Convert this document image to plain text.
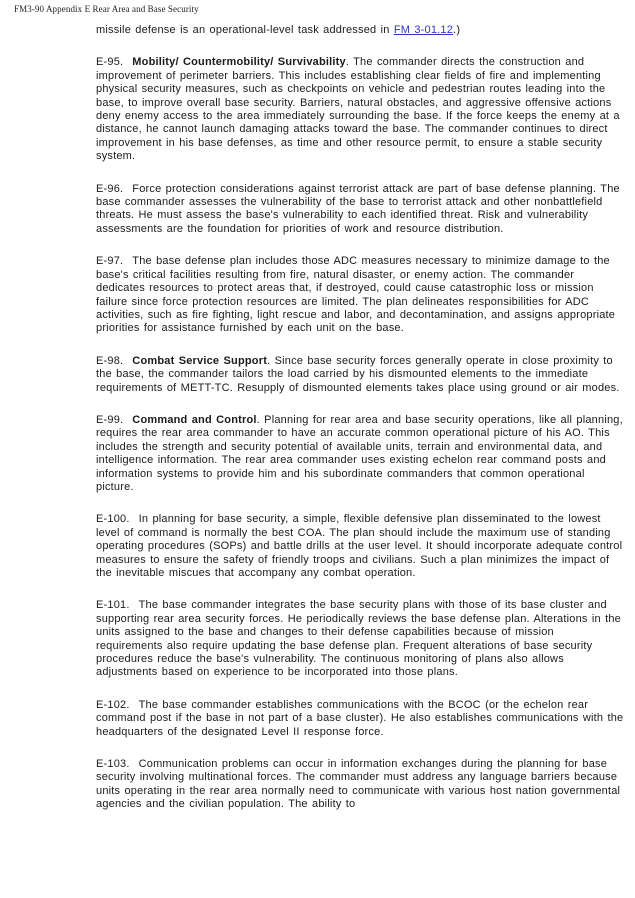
FM3-90 Appendix E Rear Area and Base Security

missile defense is an operational-level task addressed in FM 3-01.12.)

E-95. Mobility/ Countermobility/ Survivability. The commander directs the construction and improvement of perimeter barriers. This includes establishing clear fields of fire and implementing physical security measures, such as checkpoints on vehicle and pedestrian routes leading into the base, to improve overall base security. Barriers, natural obstacles, and aggressive offensive actions deny enemy access to the area immediately surrounding the base. If the force keeps the enemy at a distance, he cannot launch damaging attacks toward the base. The commander continues to direct improvement in his base defenses, as time and other resource permit, to ensure a stable security system.

E-96. Force protection considerations against terrorist attack are part of base defense planning. The base commander assesses the vulnerability of the base to terrorist attack and other nonbattlefield threats. He must assess the base's vulnerability to each identified threat. Risk and vulnerability assessments are the foundation for priorities of work and resource distribution.

E-97. The base defense plan includes those ADC measures necessary to minimize damage to the base's critical facilities resulting from fire, natural disaster, or enemy action. The commander dedicates resources to protect areas that, if destroyed, could cause catastrophic loss or mission failure since force protection resources are limited. The plan delineates responsibilities for ADC activities, such as fire fighting, light rescue and labor, and decontamination, and assigns appropriate priorities for assistance furnished by each unit on the base.

E-98. Combat Service Support. Since base security forces generally operate in close proximity to the base, the commander tailors the load carried by his dismounted elements to the immediate requirements of METT-TC. Resupply of dismounted elements takes place using ground or air modes.

E-99. Command and Control. Planning for rear area and base security operations, like all planning, requires the rear area commander to have an accurate common operational picture of his AO. This includes the strength and security potential of available units, terrain and environmental data, and intelligence information. The rear area commander uses existing echelon rear command posts and information systems to provide him and his subordinate commanders that common operational picture.

E-100. In planning for base security, a simple, flexible defensive plan disseminated to the lowest level of command is normally the best COA. The plan should include the maximum use of standing operating procedures (SOPs) and battle drills at the user level. It should incorporate adequate control measures to ensure the safety of friendly troops and civilians. Such a plan minimizes the impact of the inevitable miscues that accompany any combat operation.

E-101. The base commander integrates the base security plans with those of its base cluster and supporting rear area security forces. He periodically reviews the base defense plan. Alterations in the units assigned to the base and changes to their defense capabilities because of mission requirements also require updating the base defense plan. Frequent alterations of base security procedures reduce the base's vulnerability. The continuous monitoring of plans also allows adjustments based on experience to be incorporated into those plans.

E-102. The base commander establishes communications with the BCOC (or the echelon rear command post if the base in not part of a base cluster). He also establishes communications with the headquarters of the designated Level II response force.

E-103. Communication problems can occur in information exchanges during the planning for base security involving multinational forces. The commander must address any language barriers because units operating in the rear area normally need to communicate with various host nation governmental agencies and the civilian population. The ability to
